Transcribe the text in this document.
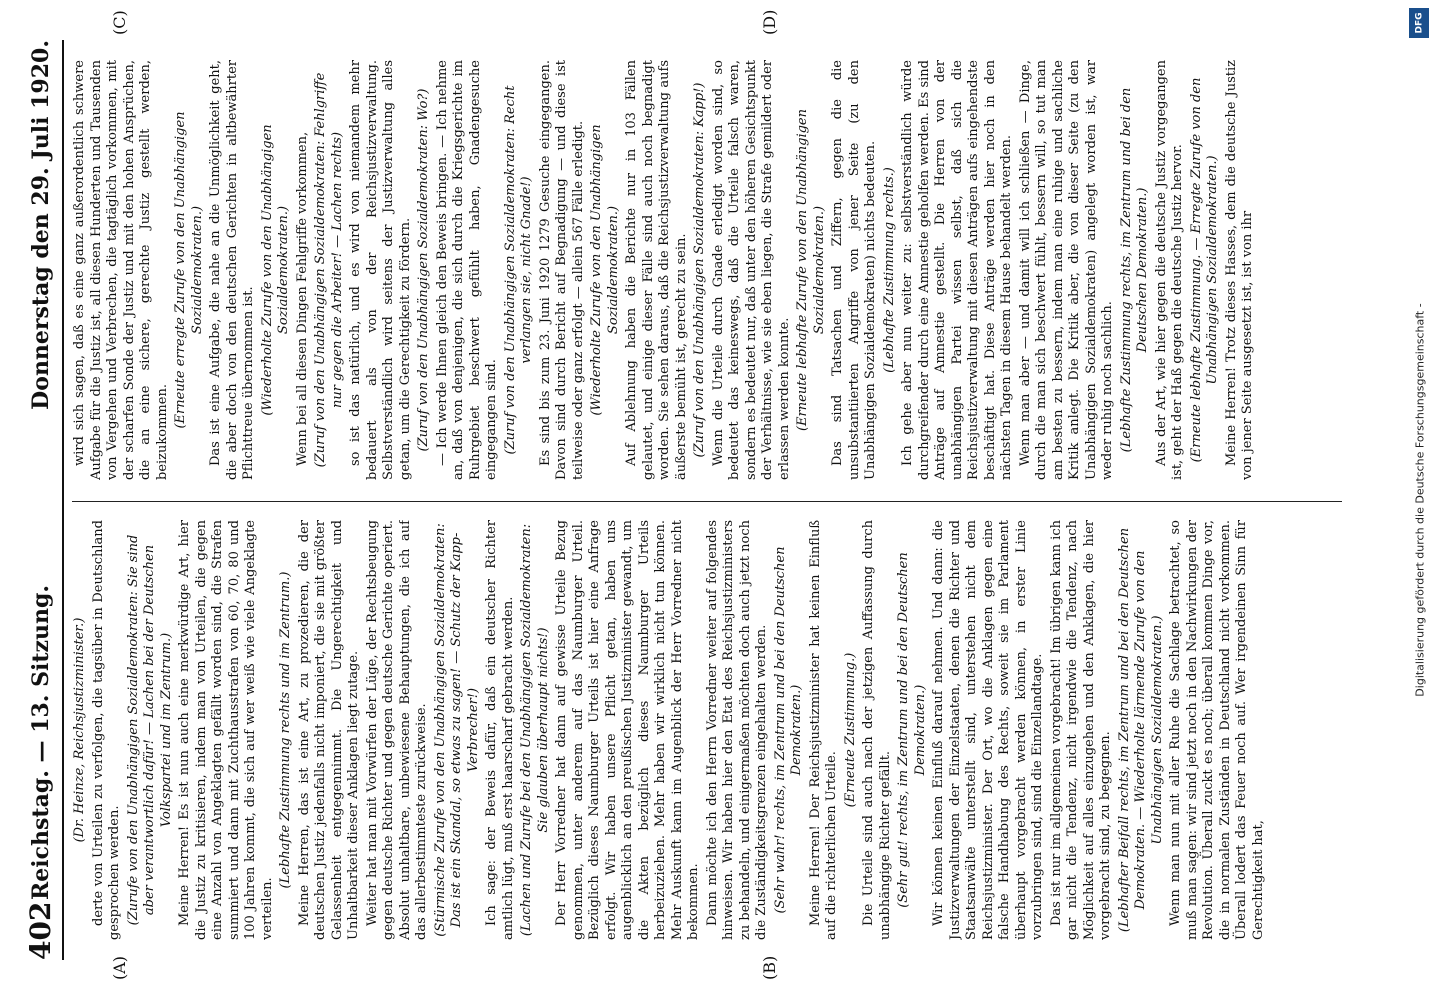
402
Reichstag. — 13. Sitzung.
Donnerstag den 29. Juli 1920.
(A)	(B)
(C)	(D)

(Dr. Heinze, Reichsjustizminister.) derte von Urteilen zu verfolgen, die tagsüber in Deutschland gesprochen werden. (Zurufe von den Unabhängigen Sozialdemokraten: Sie sind aber verantwortlich dafür! — Lachen bei der Deutschen Volkspartei und im Zentrum.) Meine Herren! Es ist nun auch eine merkwürdige Art, hier die Justiz zu kritisieren, indem man von Urteilen, die gegen eine Anzahl von Angeklagten gefällt worden sind, die Strafen summiert und dann mit Zuchthausstrafen von 60, 70, 80 und 100 Jahren kommt, die sich auf wer weiß wie viele Angeklagte verteilen.

(Lebhafte Zustimmung rechts und im Zentrum.) Meine Herren, das ist eine Art, zu prozedieren, die der deutschen Justiz jedenfalls nicht imponiert, die sie mit größter Gelassenheit entgegennimmt. Die Ungerechtigkeit und Unhaltbarkeit dieser Anklagen liegt zutage. Weiter hat man mit Vorwürfen der Lüge, der Rechtsbeugung gegen deutsche Richter und gegen deutsche Gerichte operiert. Absolut unhaltbare, unbewiesene Behauptungen, die ich auf das allerbestimmteste zurückweise. (Stürmische Zurufe von den Unabhängigen Sozialdemokraten: Das ist ein Skandal, so etwas zu sagen! — Schutz der Kapp-Verbrecher!) Ich sage: der Beweis dafür, daß ein deutscher Richter amtlich lügt, muß erst haarscharf gebracht werden. (Lachen und Zurufe bei den Unabhängigen Sozialdemokraten: Sie glauben überhaupt nichts!) Der Herr Vorredner hat dann auf gewisse Urteile Bezug genommen, unter anderem auf das Naumburger Urteil. Bezüglich dieses Naumburger Urteils ist hier eine Anfrage erfolgt. Wir haben unsere Pflicht getan, haben uns augenblicklich an den preußischen Justizminister gewandt, um die Akten bezüglich dieses Naumburger Urteils herbeizuziehen. Mehr haben wir wirklich nicht tun können. Mehr Auskunft kann im Augenblick der Herr Vorredner nicht bekommen. Dann möchte ich den Herrn Vorredner weiter auf folgendes hinweisen. Wir haben hier den Etat des Reichsjustizministers zu behandeln, und einigermaßen möchten doch auch jetzt noch die Zuständigkeitsgrenzen eingehalten werden. (Sehr wahr! rechts, im Zentrum und bei den Deutschen Demokraten.) Meine Herren! Der Reichsjustizminister hat keinen Einfluß auf die richterlichen Urteile.

(Erneute Zustimmung.) Die Urteile sind auch nach der jetzigen Auffassung durch unabhängige Richter gefällt. (Sehr gut! rechts, im Zentrum und bei den Deutschen Demokraten.) Wir können keinen Einfluß darauf nehmen. Und dann: die Justizverwaltungen der Einzelstaaten, denen die Richter und Staatsanwälte unterstellt sind, unterstehen nicht dem Reichsjustizminister. Der Ort, wo die Anklagen gegen eine falsche Handhabung des Rechts, soweit sie im Parlament überhaupt vorgebracht werden können, in erster Linie vorzubringen sind, sind die Einzellandtage. Das ist nur im allgemeinen vorgebracht! Im übrigen kann ich gar nicht die Tendenz, nicht irgendwie die Tendenz, nach Möglichkeit auf alles einzugehen und den Anklagen, die hier vorgebracht sind, zu begegnen. (Lebhafter Beifall rechts, im Zentrum und bei den Deutschen Demokraten. — Wiederholte lärmende Zurufe von den Unabhängigen Sozialdemokraten.) Wenn man nun mit aller Ruhe die Sachlage betrachtet, so muß man sagen: wir sind jetzt noch in den Nachwirkungen der Revolution. Überall zuckt es noch; überall kommen Dinge vor, die in normalen Zuständen in Deutschland nicht vorkommen. Überall lodert das Feuer noch auf. Wer irgendeinen Sinn für Gerechtigkeit hat,

wird sich sagen, daß es eine ganz außerordentlich schwere Aufgabe für die Justiz ist, all diesen Hunderten und Tausenden von Vergehen und Verbrechen, die tagtäglich vorkommen, mit der scharfen Sonde der Justiz und mit den hohen Ansprüchen, die an eine sichere, gerechte Justiz gestellt werden, beizukommen.

(Erneute erregte Zurufe von den Unabhängigen Sozialdemokraten.) Das ist eine Aufgabe, die nahe an die Unmöglichkeit geht, die aber doch von den deutschen Gerichten in altbewährter Pflichttreue übernommen ist. (Wiederholte Zurufe von den Unabhängigen Sozialdemokraten.) Wenn bei all diesen Dingen Fehlgriffe vorkommen, (Zuruf von den Unabhängigen Sozialdemokraten: Fehlgriffe nur gegen die Arbeiter! — Lachen rechts) so ist das natürlich, und es wird von niemandem mehr bedauert als von der Reichsjustizverwaltung. Selbstverständlich wird seitens der Justizverwaltung alles getan, um die Gerechtigkeit zu fördern. (Zuruf von den Unabhängigen Sozialdemokraten: Wo?) — Ich werde Ihnen gleich den Beweis bringen. — Ich nehme an, daß von denjenigen, die sich durch die Kriegsgerichte im Ruhrgebiet beschwert gefühlt haben, Gnadengesuche eingegangen sind. (Zuruf von den Unabhängigen Sozialdemokraten: Recht verlangen sie, nicht Gnade!) Es sind bis zum 23. Juni 1920 1279 Gesuche eingegangen. Davon sind durch Bericht auf Begnadigung — und diese ist teilweise oder ganz erfolgt — allein 567 Fälle erledigt. (Wiederholte Zurufe von den Unabhängigen Sozialdemokraten.) Auf Ablehnung haben die Berichte nur in 103 Fällen gelautet, und einige dieser Fälle sind auch noch begnadigt worden. Sie sehen daraus, daß die Reichsjustizverwaltung aufs äußerste bemüht ist, gerecht zu sein. (Zuruf von den Unabhängigen Sozialdemokraten: Kapp!) Wenn die Urteile durch Gnade erledigt worden sind, so bedeutet das keineswegs, daß die Urteile falsch waren, sondern es bedeutet nur, daß unter den höheren Gesichtspunkt der Verhältnisse, wie sie eben liegen, die Strafe gemildert oder erlassen werden konnte. (Erneute lebhafte Zurufe von den Unabhängigen Sozialdemokraten.) Das sind Tatsachen und Ziffern, gegen die die unsubstantiierten Angriffe von jener Seite (zu den Unabhängigen Sozialdemokraten) nichts bedeuten. (Lebhafte Zustimmung rechts.) Ich gehe aber nun weiter zu: selbstverständlich würde durchgreifender durch eine Amnestie geholfen werden. Es sind Anträge auf Amnestie gestellt. Die Herren von der unabhängigen Partei wissen selbst, daß sich die Reichsjustizverwaltung mit diesen Anträgen aufs eingehendste beschäftigt hat. Diese Anträge werden hier noch in den nächsten Tagen in diesem Hause behandelt werden. Wenn man aber — und damit will ich schließen — Dinge, durch die man sich beschwert fühlt, bessern will, so tut man am besten zu bessern, indem man eine ruhige und sachliche Kritik anlegt. Die Kritik aber, die von dieser Seite (zu den Unabhängigen Sozialdemokraten) angelegt worden ist, war weder ruhig noch sachlich. (Lebhafte Zustimmung rechts, im Zentrum und bei den Deutschen Demokraten.) Aus der Art, wie hier gegen die deutsche Justiz vorgegangen ist, geht der Haß gegen die deutsche Justiz hervor. (Erneute lebhafte Zustimmung. — Erregte Zurufe von den Unabhängigen Sozialdemokraten.) Meine Herren! Trotz dieses Hasses, dem die deutsche Justiz von jener Seite ausgesetzt ist, ist von ihr

DFG
Digitalisierung gefördert durch die Deutsche Forschungsgemeinschaft -
